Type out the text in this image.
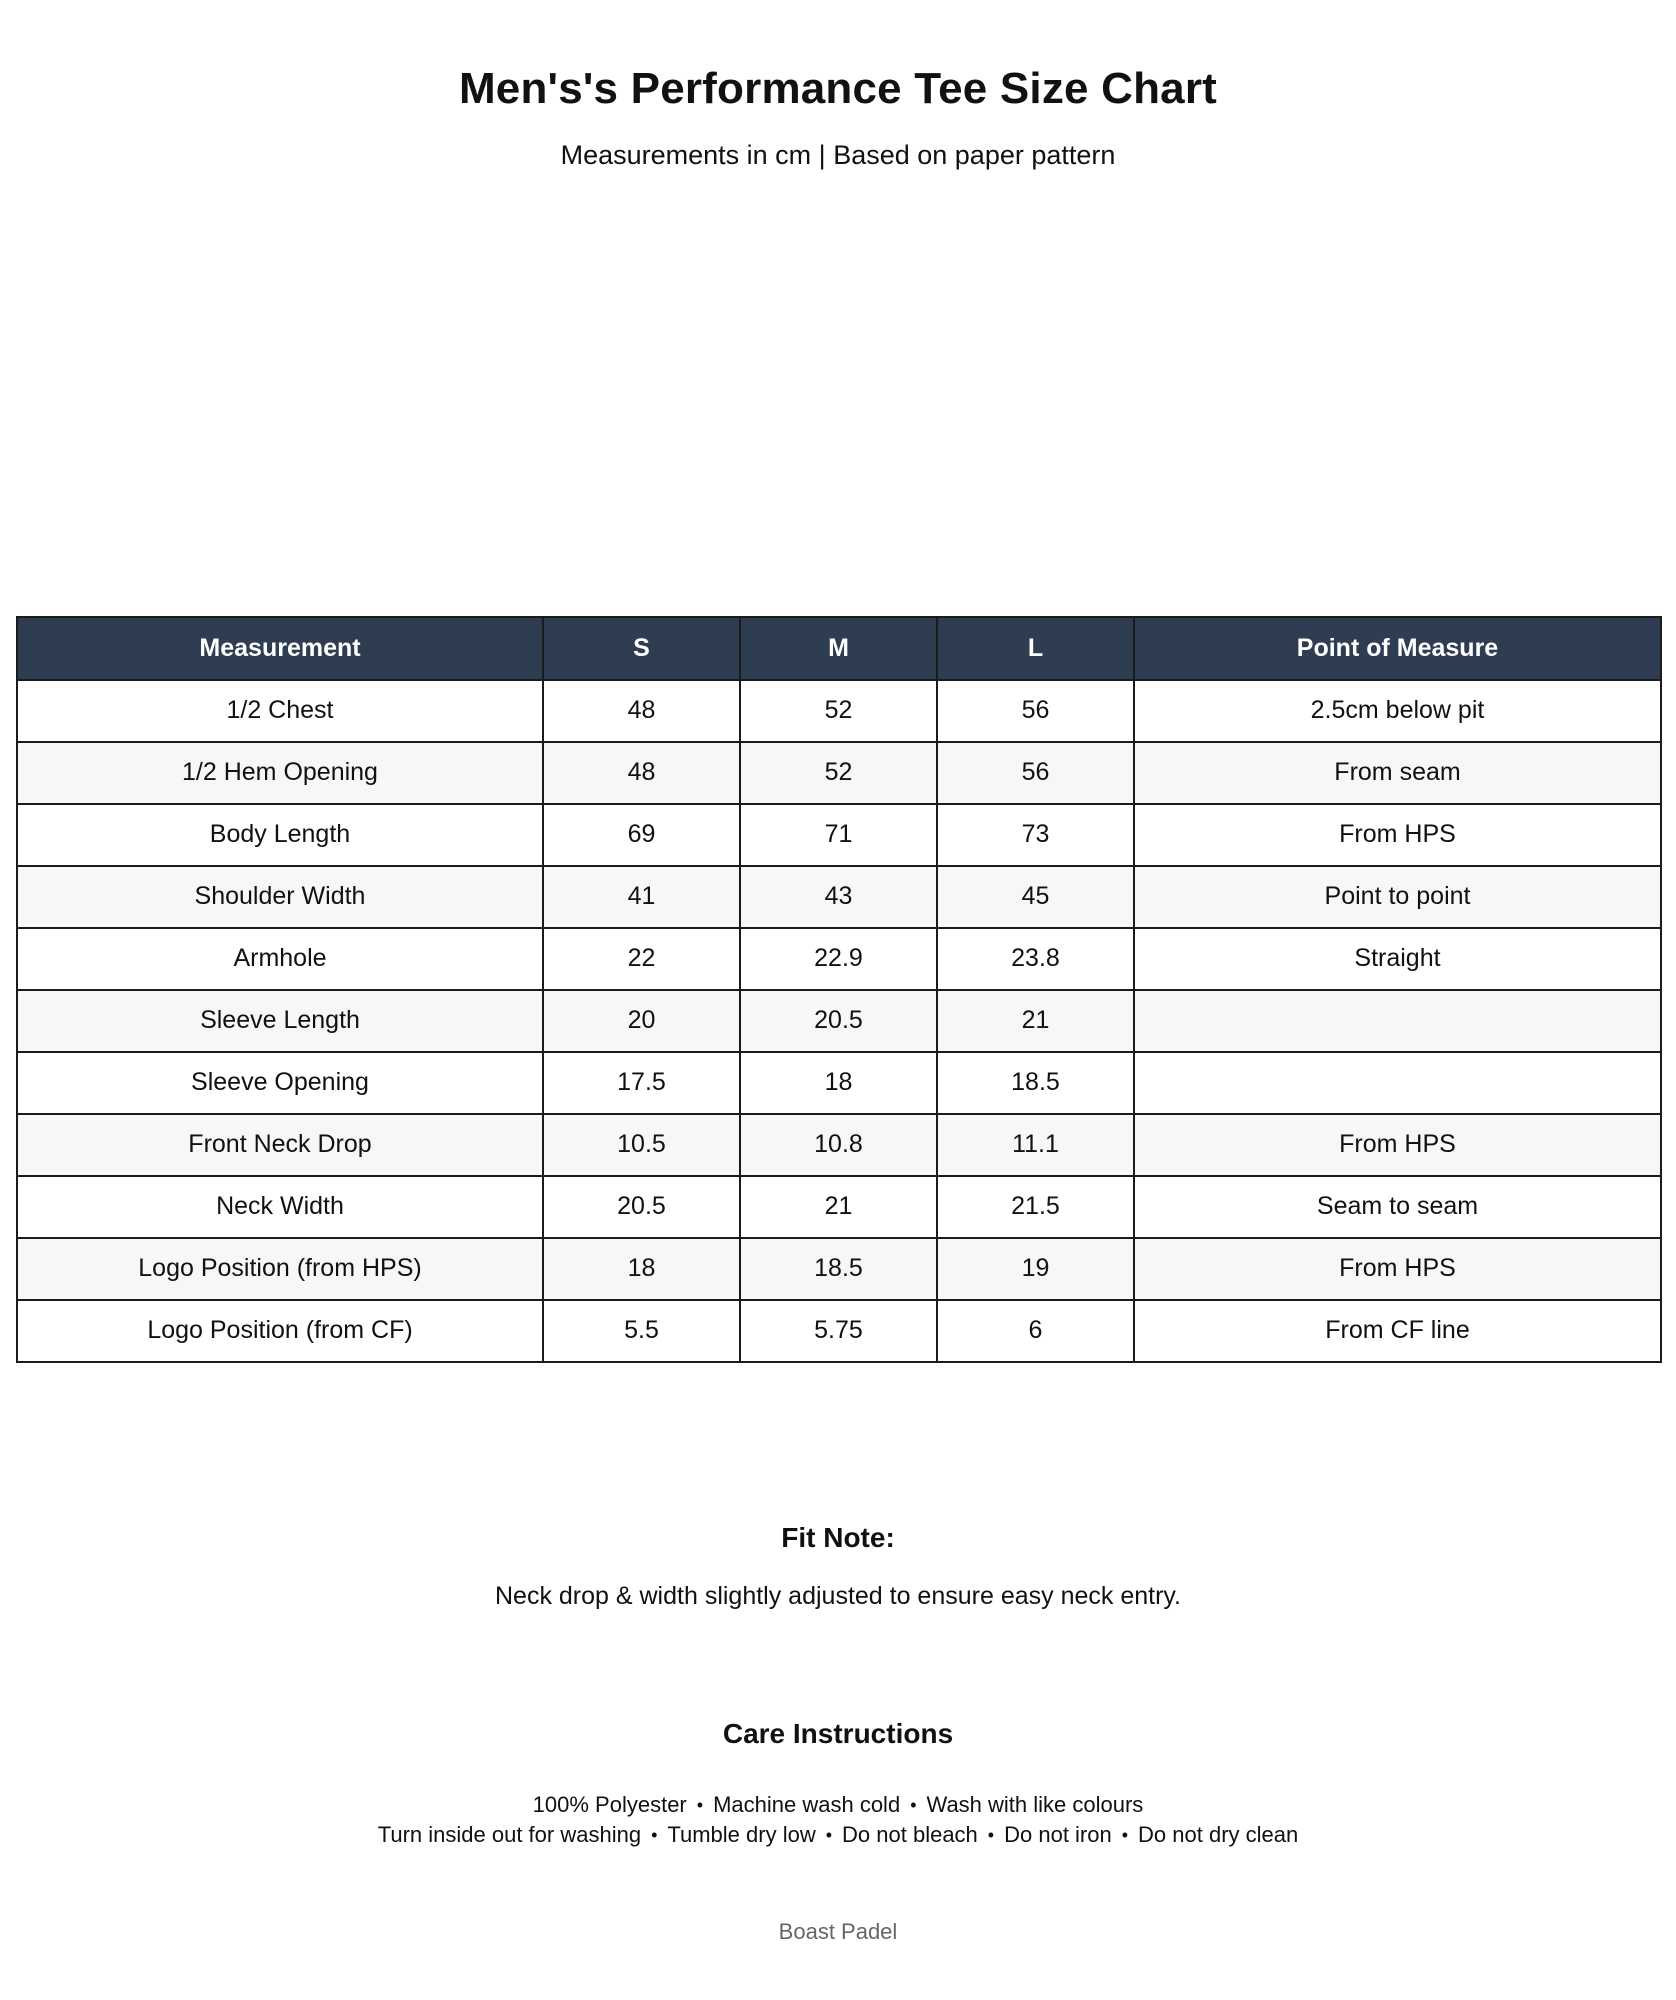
Men's's Performance Tee Size Chart
Measurements in cm | Based on paper pattern
Measurement	S	M	L	Point of Measure
1/2 Chest	48	52	56	2.5cm below pit
1/2 Hem Opening	48	52	56	From seam
Body Length	69	71	73	From HPS
Shoulder Width	41	43	45	Point to point
Armhole	22	22.9	23.8	Straight
Sleeve Length	20	20.5	21	
Sleeve Opening	17.5	18	18.5	
Front Neck Drop	10.5	10.8	11.1	From HPS
Neck Width	20.5	21	21.5	Seam to seam
Logo Position (from HPS)	18	18.5	19	From HPS
Logo Position (from CF)	5.5	5.75	6	From CF line
Fit Note:
Neck drop & width slightly adjusted to ensure easy neck entry.
Care Instructions
100% Polyester • Machine wash cold • Wash with like colours
Turn inside out for washing • Tumble dry low • Do not bleach • Do not iron • Do not dry clean
Boast Padel
